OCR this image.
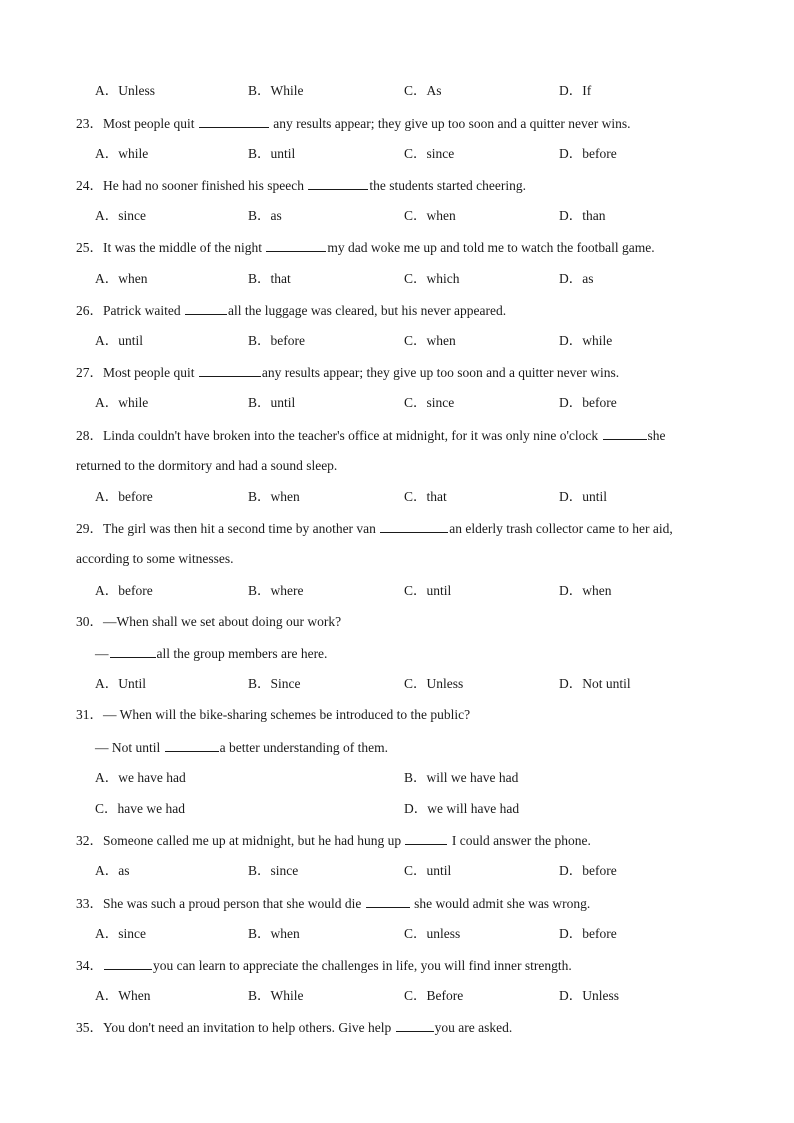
A．Unless	B．While	C．As	D．If
23．Most people quit	any results appear; they give up too soon and a quitter never wins.
A．while	B．until	C．since	D．before
24．He had no sooner finished his speech	the students started cheering.
A．since	B．as	C．when	D．than
25．It was the middle of the night	my dad woke me up and told me to watch the football game.
A．when	B．that	C．which	D．as
26．Patrick waited	all the luggage was cleared, but his never appeared.
A．until	B．before	C．when	D．while
27．Most people quit	any results appear; they give up too soon and a quitter never wins.
A．while	B．until	C．since	D．before
28．Linda couldn't have broken into the teacher's office at midnight, for it was only nine o'clock	she
returned to the dormitory and had a sound sleep.
A．before	B．when	C．that	D．until
29．The girl was then hit a second time by another van	an elderly trash collector came to her aid,
according to some witnesses.
A．before	B．where	C．until	D．when
30．—When shall we set about doing our work?
—	all the group members are here.
A．Until	B．Since	C．Unless	D．Not until
31．— When will the bike-sharing schemes be introduced to the public?
— Not until	a better understanding of them.
A．we have had	B．will we have had
C．have we had	D．we will have had
32．Someone called me up at midnight, but he had hung up	I could answer the phone.
A．as	B．since	C．until	D．before
33．She was such a proud person that she would die	she would admit she was wrong.
A．since	B．when	C．unless	D．before
34．	you can learn to appreciate the challenges in life, you will find inner strength.
A．When	B．While	C．Before	D．Unless
35．You don't need an invitation to help others. Give help	you are asked.
